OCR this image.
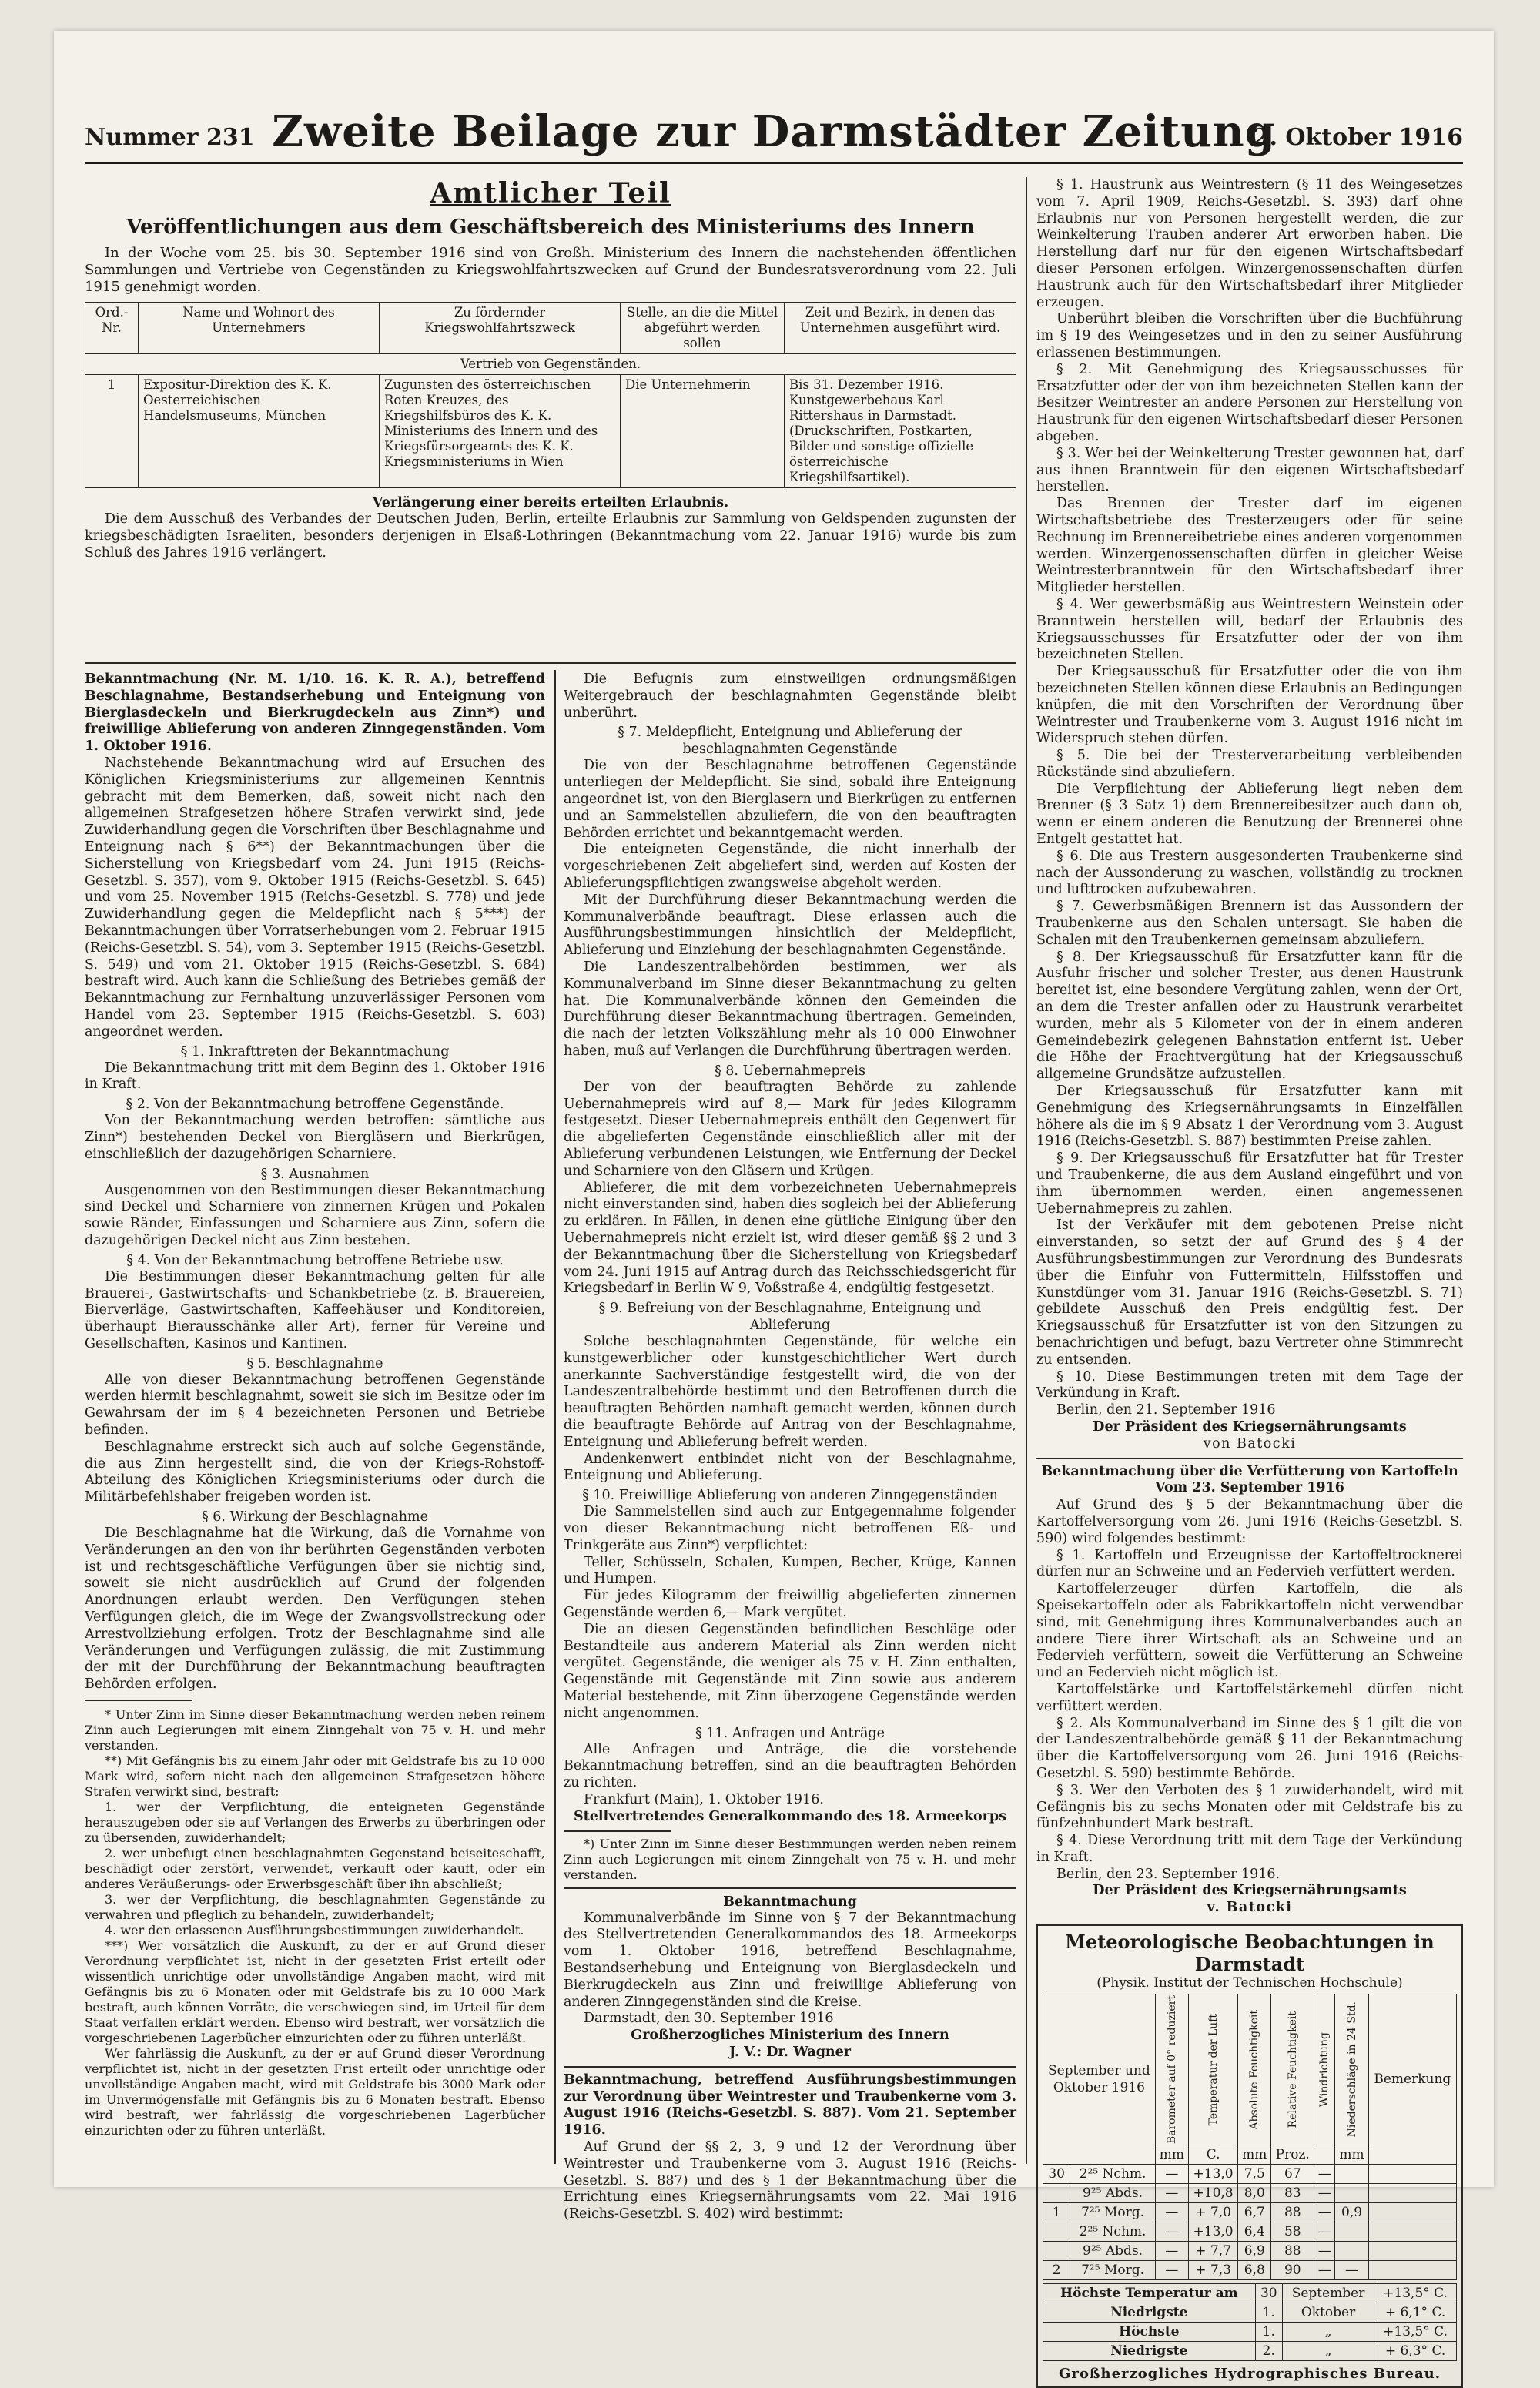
Nummer 231 Zweite Beilage zur Darmstädter Zeitung
2. Oktober 1916
Amtlicher Teil
Veröffentlichungen aus dem Geschäftsbereich des Ministeriums des Innern

In der Woche vom 25. bis 30. September 1916 sind von Großh. Ministerium des Innern die nachstehenden öffentlichen Sammlungen und Vertriebe von Gegenständen zu Kriegswohlfahrtszwecken auf Grund der Bundesratsverordnung vom 22. Juli 1915 genehmigt worden.

Ord.-Nr.	Name und Wohnort des Unternehmers	Zu fördernder Kriegswohlfahrtszweck	Stelle, an die die Mittel abgeführt werden sollen	Zeit und Bezirk, in denen das Unternehmen ausgeführt wird.
Vertrieb von Gegenständen.				
1	Expositur-Direktion des K. K. Oesterreichischen Handelsmuseums, München	Zugunsten des österreichischen Roten Kreuzes, des Kriegshilfsbüros des K. K. Ministeriums des Innern und des Kriegsfürsorgeamts des K. K. Kriegsministeriums in Wien	Die Unternehmerin	Bis 31. Dezember 1916. Kunstgewerbehaus Karl Rittershaus in Darmstadt. (Druckschriften, Postkarten, Bilder und sonstige offizielle österreichische Kriegshilfsartikel).
Verlängerung einer bereits erteilten Erlaubnis.

Die dem Ausschuß des Verbandes der Deutschen Juden, Berlin, erteilte Erlaubnis zur Sammlung von Geldspenden zugunsten der kriegsbeschädigten Israeliten, besonders derjenigen in Elsaß-Lothringen (Bekanntmachung vom 22. Januar 1916) wurde bis zum Schluß des Jahres 1916 verlängert.

Bekanntmachung (Nr. M. 1/10. 16. K. R. A.), betreffend Beschlagnahme, Bestandserhebung und Enteignung von Bierglasdeckeln und Bierkrugdeckeln aus Zinn*) und freiwillige Ablieferung von anderen Zinngegenständen. Vom 1. Oktober 1916.

Nachstehende Bekanntmachung wird auf Ersuchen des Königlichen Kriegsministeriums zur allgemeinen Kenntnis gebracht mit dem Bemerken, daß, soweit nicht nach den allgemeinen Strafgesetzen höhere Strafen verwirkt sind, jede Zuwiderhandlung gegen die Vorschriften über Beschlagnahme und Enteignung nach § 6**) der Bekanntmachungen über die Sicherstellung von Kriegsbedarf vom 24. Juni 1915 (Reichs-Gesetzbl. S. 357), vom 9. Oktober 1915 (Reichs-Gesetzbl. S. 645) und vom 25. November 1915 (Reichs-Gesetzbl. S. 778) und jede Zuwiderhandlung gegen die Meldepflicht nach § 5***) der Bekanntmachungen über Vorratserhebungen vom 2. Februar 1915 (Reichs-Gesetzbl. S. 54), vom 3. September 1915 (Reichs-Gesetzbl. S. 549) und vom 21. Oktober 1915 (Reichs-Gesetzbl. S. 684) bestraft wird. Auch kann die Schließung des Betriebes gemäß der Bekanntmachung zur Fernhaltung unzuverlässiger Personen vom Handel vom 23. September 1915 (Reichs-Gesetzbl. S. 603) angeordnet werden.

§ 1. Inkrafttreten der Bekanntmachung

Die Bekanntmachung tritt mit dem Beginn des 1. Oktober 1916 in Kraft.

§ 2. Von der Bekanntmachung betroffene Gegenstände.

Von der Bekanntmachung werden betroffen: sämtliche aus Zinn*) bestehenden Deckel von Biergläsern und Bierkrügen, einschließlich der dazugehörigen Scharniere.

§ 3. Ausnahmen

Ausgenommen von den Bestimmungen dieser Bekanntmachung sind Deckel und Scharniere von zinnernen Krügen und Pokalen sowie Ränder, Einfassungen und Scharniere aus Zinn, sofern die dazugehörigen Deckel nicht aus Zinn bestehen.

§ 4. Von der Bekanntmachung betroffene Betriebe usw.

Die Bestimmungen dieser Bekanntmachung gelten für alle Brauerei-, Gastwirtschafts- und Schankbetriebe (z. B. Brauereien, Bierverläge, Gastwirtschaften, Kaffeehäuser und Konditoreien, überhaupt Bierausschänke aller Art), ferner für Vereine und Gesellschaften, Kasinos und Kantinen.

§ 5. Beschlagnahme

Alle von dieser Bekanntmachung betroffenen Gegenstände werden hiermit beschlagnahmt, soweit sie sich im Besitze oder im Gewahrsam der im § 4 bezeichneten Personen und Betriebe befinden.

Beschlagnahme erstreckt sich auch auf solche Gegenstände, die aus Zinn hergestellt sind, die von der Kriegs-Rohstoff-Abteilung des Königlichen Kriegsministeriums oder durch die Militärbefehlshaber freigeben worden ist.

§ 6. Wirkung der Beschlagnahme

Die Beschlagnahme hat die Wirkung, daß die Vornahme von Veränderungen an den von ihr berührten Gegenständen verboten ist und rechtsgeschäftliche Verfügungen über sie nichtig sind, soweit sie nicht ausdrücklich auf Grund der folgenden Anordnungen erlaubt werden. Den Verfügungen stehen Verfügungen gleich, die im Wege der Zwangsvollstreckung oder Arrestvollziehung erfolgen. Trotz der Beschlagnahme sind alle Veränderungen und Verfügungen zulässig, die mit Zustimmung der mit der Durchführung der Bekanntmachung beauftragten Behörden erfolgen.

* Unter Zinn im Sinne dieser Bekanntmachung werden neben reinem Zinn auch Legierungen mit einem Zinngehalt von 75 v. H. und mehr verstanden.

**) Mit Gefängnis bis zu einem Jahr oder mit Geldstrafe bis zu 10 000 Mark wird, sofern nicht nach den allgemeinen Strafgesetzen höhere Strafen verwirkt sind, bestraft:

1. wer der Verpflichtung, die enteigneten Gegenstände herauszugeben oder sie auf Verlangen des Erwerbs zu überbringen oder zu übersenden, zuwiderhandelt;

2. wer unbefugt einen beschlagnahmten Gegenstand beiseiteschafft, beschädigt oder zerstört, verwendet, verkauft oder kauft, oder ein anderes Veräußerungs- oder Erwerbsgeschäft über ihn abschließt;

3. wer der Verpflichtung, die beschlagnahmten Gegenstände zu verwahren und pfleglich zu behandeln, zuwiderhandelt;

4. wer den erlassenen Ausführungsbestimmungen zuwiderhandelt.

***) Wer vorsätzlich die Auskunft, zu der er auf Grund dieser Verordnung verpflichtet ist, nicht in der gesetzten Frist erteilt oder wissentlich unrichtige oder unvollständige Angaben macht, wird mit Gefängnis bis zu 6 Monaten oder mit Geldstrafe bis zu 10 000 Mark bestraft, auch können Vorräte, die verschwiegen sind, im Urteil für dem Staat verfallen erklärt werden. Ebenso wird bestraft, wer vorsätzlich die vorgeschriebenen Lagerbücher einzurichten oder zu führen unterläßt.

Wer fahrlässig die Auskunft, zu der er auf Grund dieser Verordnung verpflichtet ist, nicht in der gesetzten Frist erteilt oder unrichtige oder unvollständige Angaben macht, wird mit Geldstrafe bis 3000 Mark oder im Unvermögensfalle mit Gefängnis bis zu 6 Monaten bestraft. Ebenso wird bestraft, wer fahrlässig die vorgeschriebenen Lagerbücher einzurichten oder zu führen unterläßt.

Die Befugnis zum einstweiligen ordnungsmäßigen Weitergebrauch der beschlagnahmten Gegenstände bleibt unberührt.

§ 7. Meldepflicht, Enteignung und Ablieferung der beschlagnahmten Gegenstände

Die von der Beschlagnahme betroffenen Gegenstände unterliegen der Meldepflicht. Sie sind, sobald ihre Enteignung angeordnet ist, von den Bierglasern und Bierkrügen zu entfernen und an Sammelstellen abzuliefern, die von den beauftragten Behörden errichtet und bekanntgemacht werden.

Die enteigneten Gegenstände, die nicht innerhalb der vorgeschriebenen Zeit abgeliefert sind, werden auf Kosten der Ablieferungspflichtigen zwangsweise abgeholt werden.

Mit der Durchführung dieser Bekanntmachung werden die Kommunalverbände beauftragt. Diese erlassen auch die Ausführungsbestimmungen hinsichtlich der Meldepflicht, Ablieferung und Einziehung der beschlagnahmten Gegenstände.

Die Landeszentralbehörden bestimmen, wer als Kommunalverband im Sinne dieser Bekanntmachung zu gelten hat. Die Kommunalverbände können den Gemeinden die Durchführung dieser Bekanntmachung übertragen. Gemeinden, die nach der letzten Volkszählung mehr als 10 000 Einwohner haben, muß auf Verlangen die Durchführung übertragen werden.

§ 8. Uebernahmepreis

Der von der beauftragten Behörde zu zahlende Uebernahmepreis wird auf 8,— Mark für jedes Kilogramm festgesetzt. Dieser Uebernahmepreis enthält den Gegenwert für die abgelieferten Gegenstände einschließlich aller mit der Ablieferung verbundenen Leistungen, wie Entfernung der Deckel und Scharniere von den Gläsern und Krügen.

Ablieferer, die mit dem vorbezeichneten Uebernahmepreis nicht einverstanden sind, haben dies sogleich bei der Ablieferung zu erklären. In Fällen, in denen eine gütliche Einigung über den Uebernahmepreis nicht erzielt ist, wird dieser gemäß §§ 2 und 3 der Bekanntmachung über die Sicherstellung von Kriegsbedarf vom 24. Juni 1915 auf Antrag durch das Reichsschiedsgericht für Kriegsbedarf in Berlin W 9, Voßstraße 4, endgültig festgesetzt.

§ 9. Befreiung von der Beschlagnahme, Enteignung und Ablieferung

Solche beschlagnahmten Gegenstände, für welche ein kunstgewerblicher oder kunstgeschichtlicher Wert durch anerkannte Sachverständige festgestellt wird, die von der Landeszentralbehörde bestimmt und den Betroffenen durch die beauftragten Behörden namhaft gemacht werden, können durch die beauftragte Behörde auf Antrag von der Beschlagnahme, Enteignung und Ablieferung befreit werden.

Andenkenwert entbindet nicht von der Beschlagnahme, Enteignung und Ablieferung.

§ 10. Freiwillige Ablieferung von anderen Zinngegenständen

Die Sammelstellen sind auch zur Entgegennahme folgender von dieser Bekanntmachung nicht betroffenen Eß- und Trinkgeräte aus Zinn*) verpflichtet:

Teller, Schüsseln, Schalen, Kumpen, Becher, Krüge, Kannen und Humpen.

Für jedes Kilogramm der freiwillig abgelieferten zinnernen Gegenstände werden 6,— Mark vergütet.

Die an diesen Gegenständen befindlichen Beschläge oder Bestandteile aus anderem Material als Zinn werden nicht vergütet. Gegenstände, die weniger als 75 v. H. Zinn enthalten, Gegenstände mit Gegenstände mit Zinn sowie aus anderem Material bestehende, mit Zinn überzogene Gegenstände werden nicht angenommen.

§ 11. Anfragen und Anträge

Alle Anfragen und Anträge, die die vorstehende Bekanntmachung betreffen, sind an die beauftragten Behörden zu richten.

Frankfurt (Main), 1. Oktober 1916.

Stellvertretendes Generalkommando des 18. Armeekorps

*) Unter Zinn im Sinne dieser Bestimmungen werden neben reinem Zinn auch Legierungen mit einem Zinngehalt von 75 v. H. und mehr verstanden.

Bekanntmachung

Kommunalverbände im Sinne von § 7 der Bekanntmachung des Stellvertretenden Generalkommandos des 18. Armeekorps vom 1. Oktober 1916, betreffend Beschlagnahme, Bestandserhebung und Enteignung von Bierglasdeckeln und Bierkrugdeckeln aus Zinn und freiwillige Ablieferung von anderen Zinngegenständen sind die Kreise.

Darmstadt, den 30. September 1916

Großherzogliches Ministerium des Innern

J. V.: Dr. Wagner

Bekanntmachung, betreffend Ausführungsbestimmungen zur Verordnung über Weintrester und Traubenkerne vom 3. August 1916 (Reichs-Gesetzbl. S. 887). Vom 21. September 1916.

Auf Grund der §§ 2, 3, 9 und 12 der Verordnung über Weintrester und Traubenkerne vom 3. August 1916 (Reichs-Gesetzbl. S. 887) und des § 1 der Bekanntmachung über die Errichtung eines Kriegsernährungsamts vom 22. Mai 1916 (Reichs-Gesetzbl. S. 402) wird bestimmt:

§ 1. Haustrunk aus Weintrestern (§ 11 des Weingesetzes vom 7. April 1909, Reichs-Gesetzbl. S. 393) darf ohne Erlaubnis nur von Personen hergestellt werden, die zur Weinkelterung Trauben anderer Art erworben haben. Die Herstellung darf nur für den eigenen Wirtschaftsbedarf dieser Personen erfolgen. Winzergenossenschaften dürfen Haustrunk auch für den Wirtschaftsbedarf ihrer Mitglieder erzeugen.

Unberührt bleiben die Vorschriften über die Buchführung im § 19 des Weingesetzes und in den zu seiner Ausführung erlassenen Bestimmungen.

§ 2. Mit Genehmigung des Kriegsausschusses für Ersatzfutter oder der von ihm bezeichneten Stellen kann der Besitzer Weintrester an andere Personen zur Herstellung von Haustrunk für den eigenen Wirtschaftsbedarf dieser Personen abgeben.

§ 3. Wer bei der Weinkelterung Trester gewonnen hat, darf aus ihnen Branntwein für den eigenen Wirtschaftsbedarf herstellen.

Das Brennen der Trester darf im eigenen Wirtschaftsbetriebe des Tresterzeugers oder für seine Rechnung im Brennereibetriebe eines anderen vorgenommen werden. Winzergenossenschaften dürfen in gleicher Weise Weintresterbranntwein für den Wirtschaftsbedarf ihrer Mitglieder herstellen.

§ 4. Wer gewerbsmäßig aus Weintrestern Weinstein oder Branntwein herstellen will, bedarf der Erlaubnis des Kriegsausschusses für Ersatzfutter oder der von ihm bezeichneten Stellen.

Der Kriegsausschuß für Ersatzfutter oder die von ihm bezeichneten Stellen können diese Erlaubnis an Bedingungen knüpfen, die mit den Vorschriften der Verordnung über Weintrester und Traubenkerne vom 3. August 1916 nicht im Widerspruch stehen dürfen.

§ 5. Die bei der Tresterverarbeitung verbleibenden Rückstände sind abzuliefern.

Die Verpflichtung der Ablieferung liegt neben dem Brenner (§ 3 Satz 1) dem Brennereibesitzer auch dann ob, wenn er einem anderen die Benutzung der Brennerei ohne Entgelt gestattet hat.

§ 6. Die aus Trestern ausgesonderten Traubenkerne sind nach der Aussonderung zu waschen, vollständig zu trocknen und lufttrocken aufzubewahren.

§ 7. Gewerbsmäßigen Brennern ist das Aussondern der Traubenkerne aus den Schalen untersagt. Sie haben die Schalen mit den Traubenkernen gemeinsam abzuliefern.

§ 8. Der Kriegsausschuß für Ersatzfutter kann für die Ausfuhr frischer und solcher Trester, aus denen Haustrunk bereitet ist, eine besondere Vergütung zahlen, wenn der Ort, an dem die Trester anfallen oder zu Haustrunk verarbeitet wurden, mehr als 5 Kilometer von der in einem anderen Gemeindebezirk gelegenen Bahnstation entfernt ist. Ueber die Höhe der Frachtvergütung hat der Kriegsausschuß allgemeine Grundsätze aufzustellen.

Der Kriegsausschuß für Ersatzfutter kann mit Genehmigung des Kriegsernährungsamts in Einzelfällen höhere als die im § 9 Absatz 1 der Verordnung vom 3. August 1916 (Reichs-Gesetzbl. S. 887) bestimmten Preise zahlen.

§ 9. Der Kriegsausschuß für Ersatzfutter hat für Trester und Traubenkerne, die aus dem Ausland eingeführt und von ihm übernommen werden, einen angemessenen Uebernahmepreis zu zahlen.

Ist der Verkäufer mit dem gebotenen Preise nicht einverstanden, so setzt der auf Grund des § 4 der Ausführungsbestimmungen zur Verordnung des Bundesrats über die Einfuhr von Futtermitteln, Hilfsstoffen und Kunstdünger vom 31. Januar 1916 (Reichs-Gesetzbl. S. 71) gebildete Ausschuß den Preis endgültig fest. Der Kriegsausschuß für Ersatzfutter ist von den Sitzungen zu benachrichtigen und befugt, bazu Vertreter ohne Stimmrecht zu entsenden.

§ 10. Diese Bestimmungen treten mit dem Tage der Verkündung in Kraft.

Berlin, den 21. September 1916

Der Präsident des Kriegsernährungsamts

von Batocki

Bekanntmachung über die Verfütterung von Kartoffeln Vom 23. September 1916

Auf Grund des § 5 der Bekanntmachung über die Kartoffelversorgung vom 26. Juni 1916 (Reichs-Gesetzbl. S. 590) wird folgendes bestimmt:

§ 1. Kartoffeln und Erzeugnisse der Kartoffeltrocknerei dürfen nur an Schweine und an Federvieh verfüttert werden.

Kartoffelerzeuger dürfen Kartoffeln, die als Speisekartoffeln oder als Fabrikkartoffeln nicht verwendbar sind, mit Genehmigung ihres Kommunalverbandes auch an andere Tiere ihrer Wirtschaft als an Schweine und an Federvieh verfüttern, soweit die Verfütterung an Schweine und an Federvieh nicht möglich ist.

Kartoffelstärke und Kartoffelstärkemehl dürfen nicht verfüttert werden.

§ 2. Als Kommunalverband im Sinne des § 1 gilt die von der Landeszentralbehörde gemäß § 11 der Bekanntmachung über die Kartoffelversorgung vom 26. Juni 1916 (Reichs-Gesetzbl. S. 590) bestimmte Behörde.

§ 3. Wer den Verboten des § 1 zuwiderhandelt, wird mit Gefängnis bis zu sechs Monaten oder mit Geldstrafe bis zu fünfzehnhundert Mark bestraft.

§ 4. Diese Verordnung tritt mit dem Tage der Verkündung in Kraft.

Berlin, den 23. September 1916.

Der Präsident des Kriegsernährungsamts

v. Batocki

Meteorologische Beobachtungen in Darmstadt
(Physik. Institut der Technischen Hochschule)
September und Oktober 1916		Barometer auf 0° reduziert	Temperatur der Luft	Absolute Feuchtigkeit	Relative Feuchtigkeit	Windrichtung	Niederschläge in 24 Std.	Bemerkung
		mm	C.	mm	Proz.		mm	
30	2²⁵ Nchm.	—	+13,0	7,5	67	—		
	9²⁵ Abds.	—	+10,8	8,0	83	—		
1	7²⁵ Morg.	—	+ 7,0	6,7	88	—	0,9	
	2²⁵ Nchm.	—	+13,0	6,4	58	—		
	9²⁵ Abds.	—	+ 7,7	6,9	88	—		
2	7²⁵ Morg.	—	+ 7,3	6,8	90	—	—	
Höchste Temperatur am	30	September	+13,5° C.
Niedrigste	1.	Oktober	+ 6,1° C.
Höchste	1.	„	+13,5° C.
Niedrigste	2.	„	+ 6,3° C.
Großherzogliches Hydrographisches Bureau.
